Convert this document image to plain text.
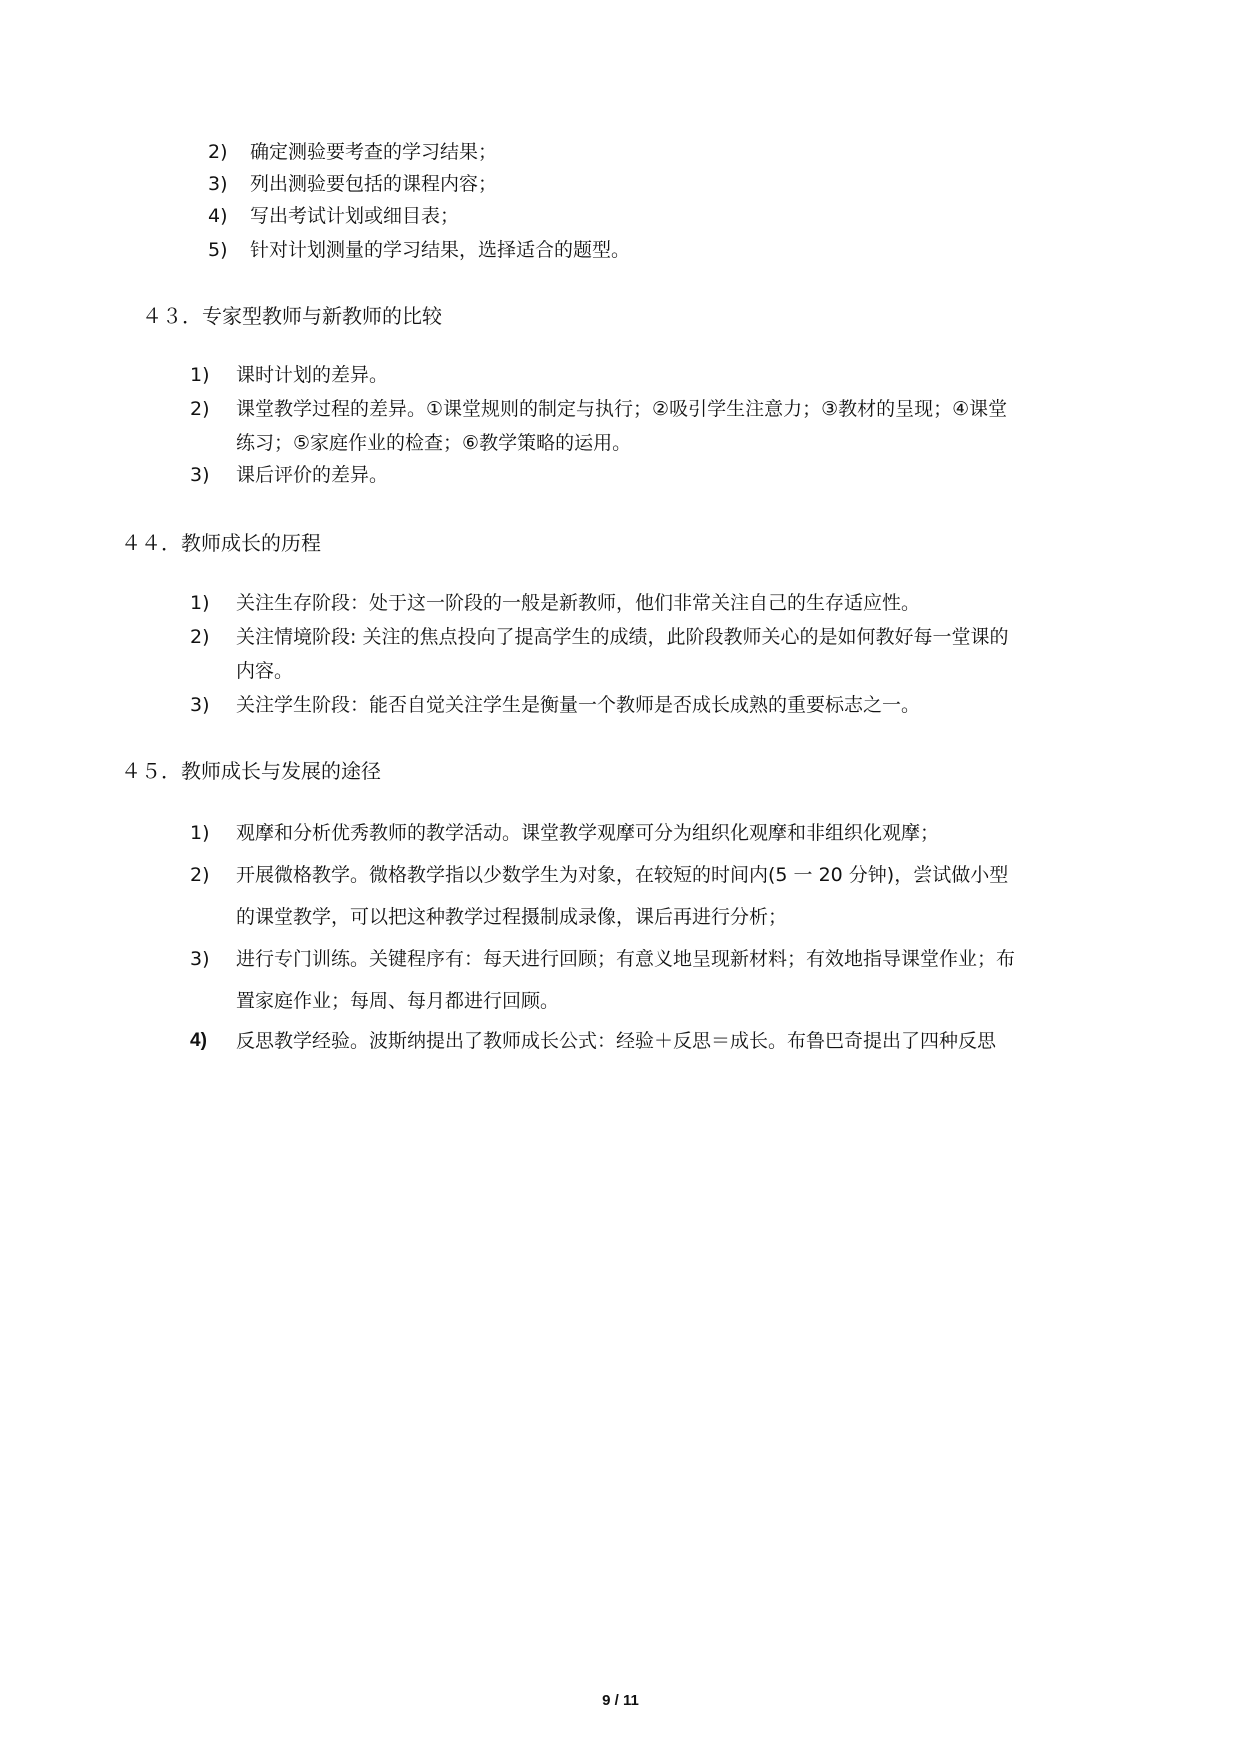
2)	确定测验要考查的学习结果；
3)	列出测验要包括的课程内容；
4)	写出考试计划或细目表；
5)	针对计划测量的学习结果，选择适合的题型。
４３．专家型教师与新教师的比较
1)	课时计划的差异。
2)	课堂教学过程的差异。①课堂规则的制定与执行；②吸引学生注意力；③教材的呈现；④课堂
练习；⑤家庭作业的检查；⑥教学策略的运用。
3)	课后评价的差异。
４４．教师成长的历程
1)	关注生存阶段：处于这一阶段的一般是新教师，他们非常关注自己的生存适应性。
2)	关注情境阶段: 关注的焦点投向了提高学生的成绩，此阶段教师关心的是如何教好每一堂课的
内容。
3)	关注学生阶段：能否自觉关注学生是衡量一个教师是否成长成熟的重要标志之一。
４５．教师成长与发展的途径
1)	观摩和分析优秀教师的教学活动。课堂教学观摩可分为组织化观摩和非组织化观摩；
2)	开展微格教学。微格教学指以少数学生为对象，在较短的时间内(5 一 20 分钟)，尝试做小型
的课堂教学，可以把这种教学过程摄制成录像，课后再进行分析；
3)	进行专门训练。关键程序有：每天进行回顾；有意义地呈现新材料；有效地指导课堂作业；布
置家庭作业；每周、每月都进行回顾。
4)	反思教学经验。波斯纳提出了教师成长公式：经验＋反思＝成长。布鲁巴奇提出了四种反思
9 / 11
